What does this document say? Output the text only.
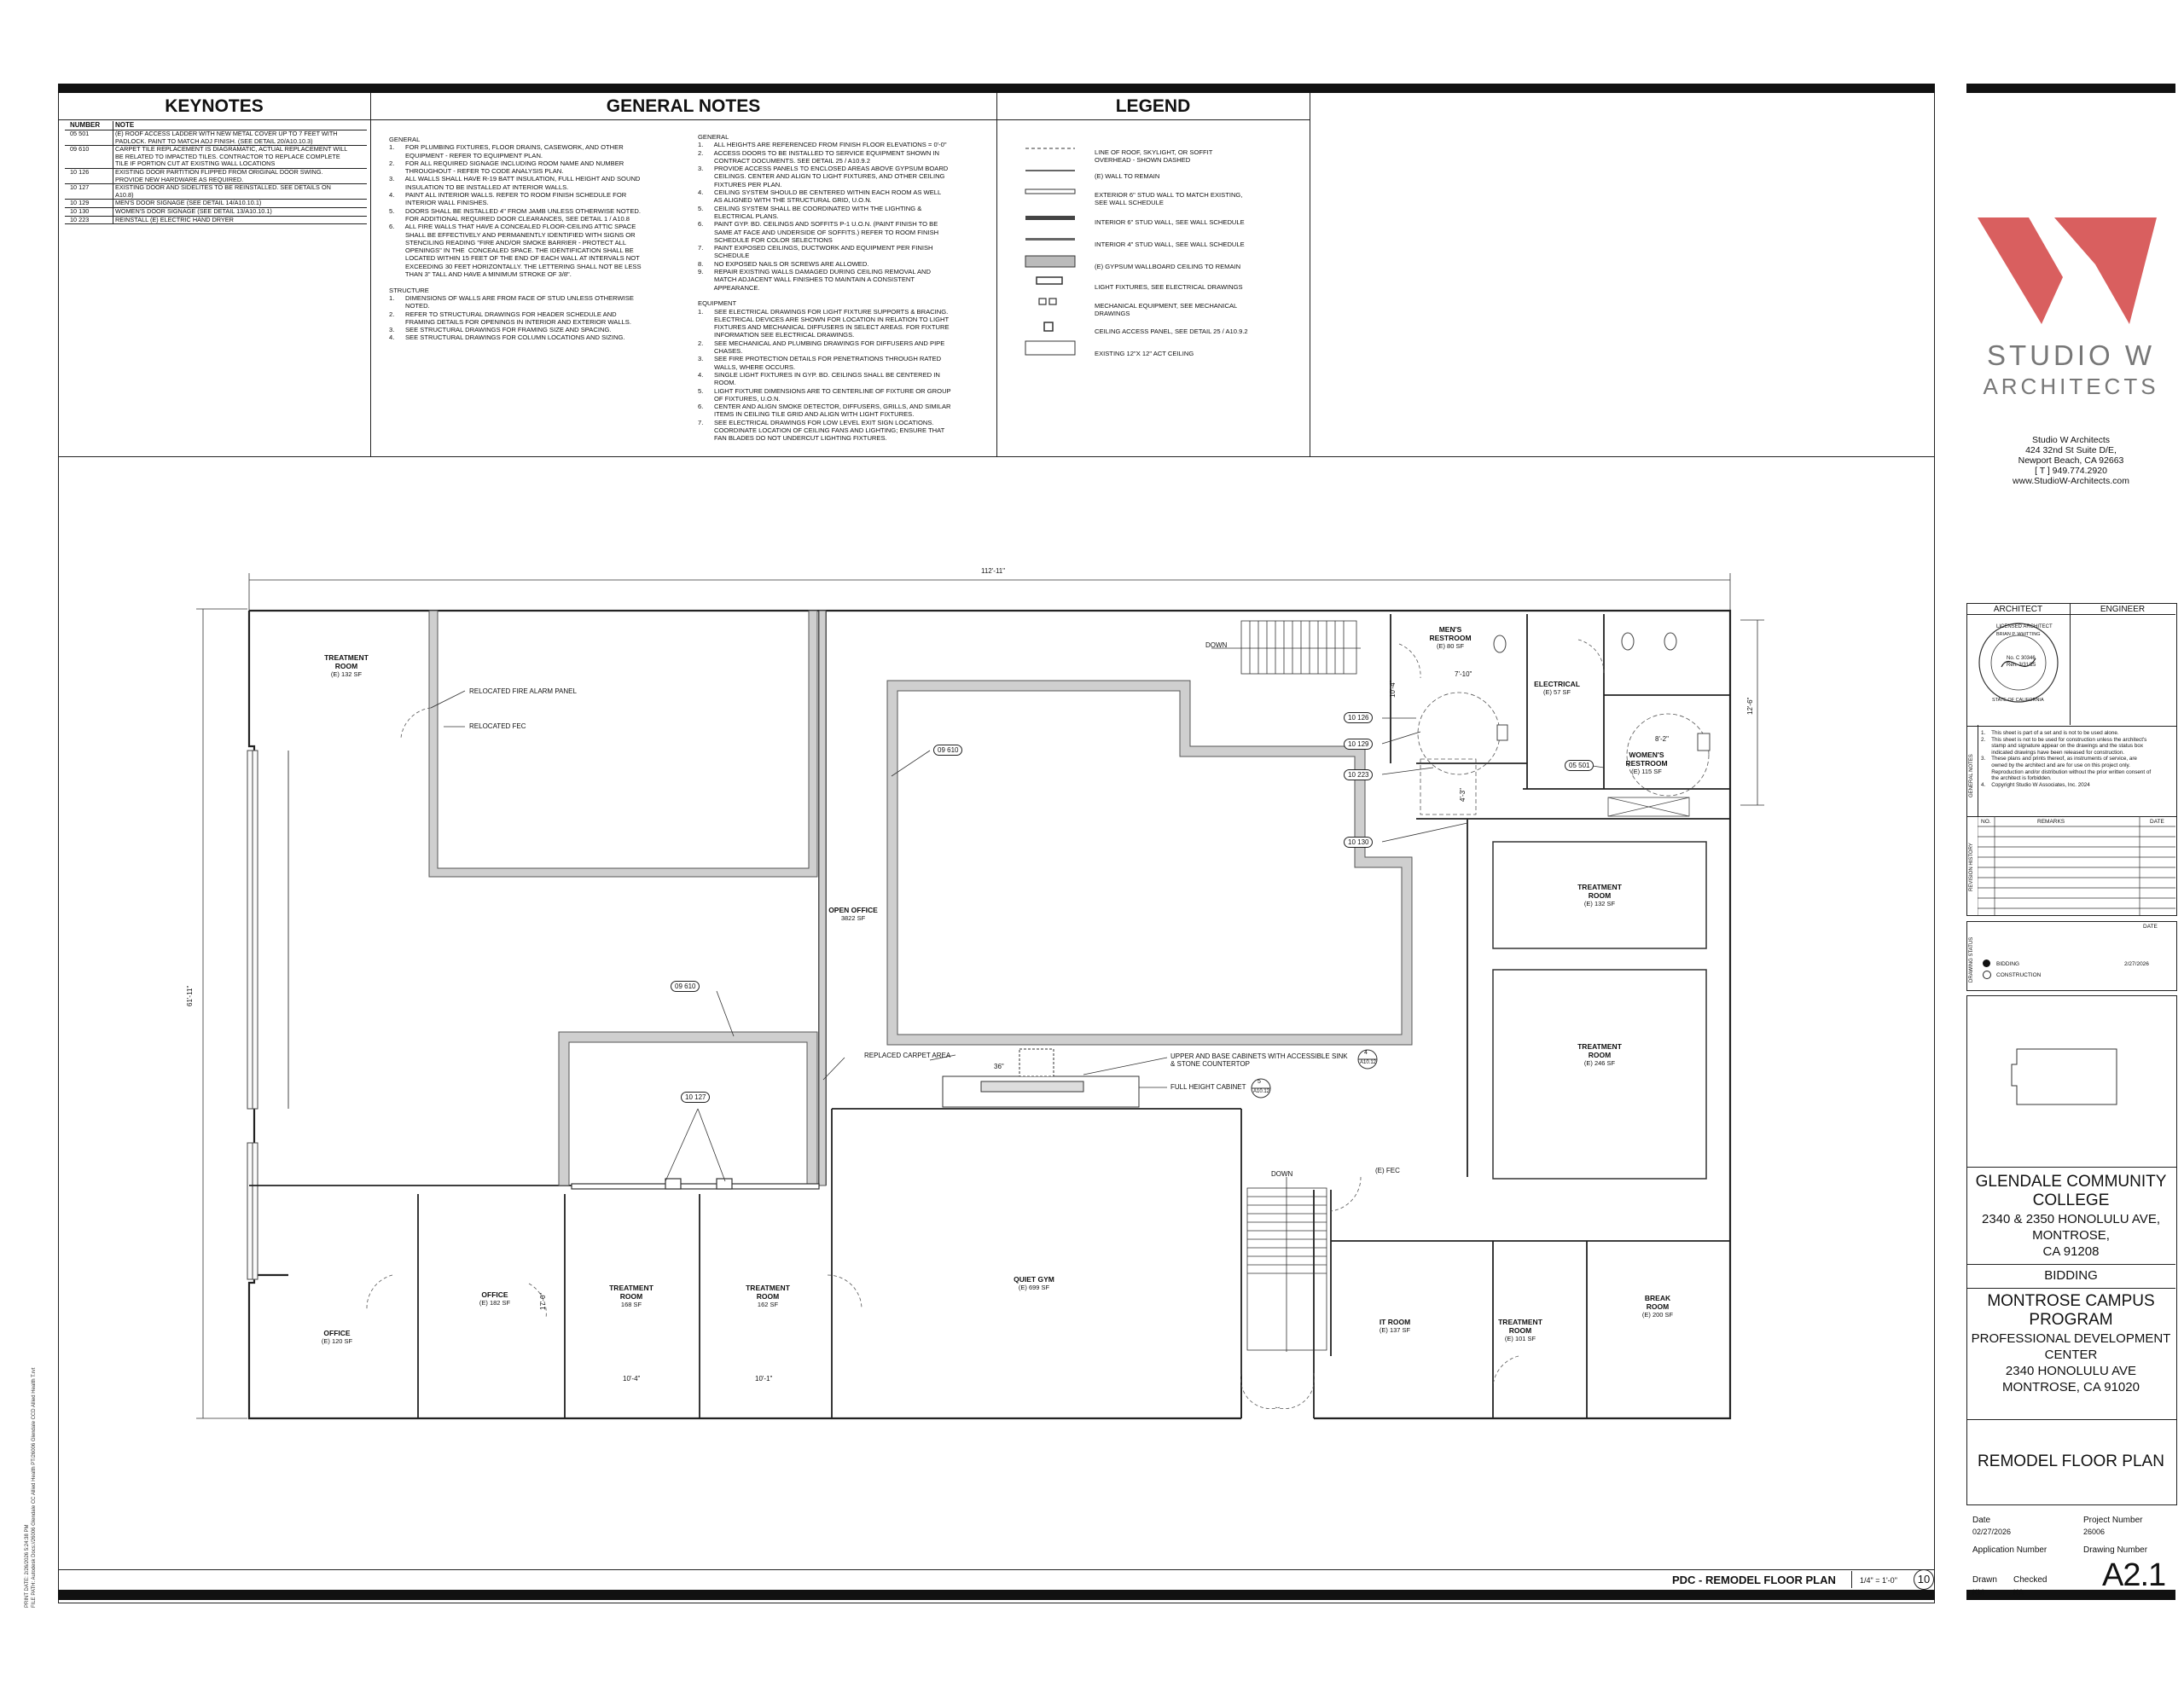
KEYNOTES
NUMBER	NOTE
05 501	(E) ROOF ACCESS LADDER WITH NEW METAL COVER UP TO 7 FEET WITH
PADLOCK. PAINT TO MATCH ADJ FINISH. (SEE DETAIL 20/A10.10.3)
09 610	CARPET TILE REPLACEMENT IS DIAGRAMATIC, ACTUAL REPLACEMENT WILL
BE RELATED TO IMPACTED TILES. CONTRACTOR TO REPLACE COMPLETE
TILE IF PORTION CUT AT EXISTING WALL LOCATIONS
10 126	EXISTING DOOR PARTITION FLIPPED FROM ORIGINAL DOOR SWING.
PROVIDE NEW HARDWARE AS REQUIRED.
10 127	EXISTING DOOR AND SIDELITES TO BE REINSTALLED. SEE DETAILS ON
A10.8)
10 129	MEN'S DOOR SIGNAGE (SEE DETAIL 14/A10.10.1)
10 130	WOMEN'S DOOR SIGNAGE (SEE DETAIL 13/A10.10.1)
10 223	REINSTALL (E) ELECTRIC HAND DRYER
GENERAL NOTES
GENERAL
1.      FOR PLUMBING FIXTURES, FLOOR DRAINS, CASEWORK, AND OTHER
EQUIPMENT - REFER TO EQUIPMENT PLAN.
2.      FOR ALL REQUIRED SIGNAGE INCLUDING ROOM NAME AND NUMBER
THROUGHOUT - REFER TO CODE ANALYSIS PLAN.
3.      ALL WALLS SHALL HAVE R-19 BATT INSULATION, FULL HEIGHT AND SOUND
INSULATION TO BE INSTALLED AT INTERIOR WALLS.
4.      PAINT ALL INTERIOR WALLS. REFER TO ROOM FINISH SCHEDULE FOR
INTERIOR WALL FINISHES.
5.      DOORS SHALL BE INSTALLED 4" FROM JAMB UNLESS OTHERWISE NOTED.
FOR ADDITIONAL REQUIRED DOOR CLEARANCES, SEE DETAIL 1 / A10.8
6.      ALL FIRE WALLS THAT HAVE A CONCEALED FLOOR-CEILING ATTIC SPACE
SHALL BE EFFECTIVELY AND PERMANENTLY IDENTIFIED WITH SIGNS OR
STENCILING READING "FIRE AND/OR SMOKE BARRIER - PROTECT ALL
OPENINGS" IN THE  CONCEALED SPACE. THE IDENTIFICATION SHALL BE
LOCATED WITHIN 15 FEET OF THE END OF EACH WALL AT INTERVALS NOT
EXCEEDING 30 FEET HORIZONTALLY. THE LETTERING SHALL NOT BE LESS
THAN 3" TALL AND HAVE A MINIMUM STROKE OF 3/8".

STRUCTURE
1.      DIMENSIONS OF WALLS ARE FROM FACE OF STUD UNLESS OTHERWISE
NOTED.
2.      REFER TO STRUCTURAL DRAWINGS FOR HEADER SCHEDULE AND
FRAMING DETAILS FOR OPENINGS IN INTERIOR AND EXTERIOR WALLS.
3.      SEE STRUCTURAL DRAWINGS FOR FRAMING SIZE AND SPACING.
4.      SEE STRUCTURAL DRAWINGS FOR COLUMN LOCATIONS AND SIZING.
GENERAL
1.      ALL HEIGHTS ARE REFERENCED FROM FINISH FLOOR ELEVATIONS = 0'-0"
2.      ACCESS DOORS TO BE INSTALLED TO SERVICE EQUIPMENT SHOWN IN
CONTRACT DOCUMENTS. SEE DETAIL 25 / A10.9.2
3.      PROVIDE ACCESS PANELS TO ENCLOSED AREAS ABOVE GYPSUM BOARD
CEILINGS. CENTER AND ALIGN TO LIGHT FIXTURES, AND OTHER CEILING
FIXTURES PER PLAN.
4.      CEILING SYSTEM SHOULD BE CENTERED WITHIN EACH ROOM AS WELL
AS ALIGNED WITH THE STRUCTURAL GRID, U.O.N.
5.      CEILING SYSTEM SHALL BE COORDINATED WITH THE LIGHTING &
ELECTRICAL PLANS.
6.      PAINT GYP. BD. CEILINGS AND SOFFITS P-1 U.O.N. (PAINT FINISH TO BE
SAME AT FACE AND UNDERSIDE OF SOFFITS.) REFER TO ROOM FINISH
SCHEDULE FOR COLOR SELECTIONS
7.      PAINT EXPOSED CEILINGS, DUCTWORK AND EQUIPMENT PER FINISH
SCHEDULE
8.      NO EXPOSED NAILS OR SCREWS ARE ALLOWED.
9.      REPAIR EXISTING WALLS DAMAGED DURING CEILING REMOVAL AND
MATCH ADJACENT WALL FINISHES TO MAINTAIN A CONSISTENT
APPEARANCE.

EQUIPMENT
1.      SEE ELECTRICAL DRAWINGS FOR LIGHT FIXTURE SUPPORTS & BRACING.
ELECTRICAL DEVICES ARE SHOWN FOR LOCATION IN RELATION TO LIGHT
FIXTURES AND MECHANICAL DIFFUSERS IN SELECT AREAS. FOR FIXTURE
INFORMATION SEE ELECTRICAL DRAWINGS.
2.      SEE MECHANICAL AND PLUMBING DRAWINGS FOR DIFFUSERS AND PIPE
CHASES.
3.      SEE FIRE PROTECTION DETAILS FOR PENETRATIONS THROUGH RATED
WALLS, WHERE OCCURS.
4.      SINGLE LIGHT FIXTURES IN GYP. BD. CEILINGS SHALL BE CENTERED IN
ROOM.
5.      LIGHT FIXTURE DIMENSIONS ARE TO CENTERLINE OF FIXTURE OR GROUP
OF FIXTURES, U.O.N.
6.      CENTER AND ALIGN SMOKE DETECTOR, DIFFUSERS, GRILLS, AND SIMILAR
ITEMS IN CEILING TILE GRID AND ALIGN WITH LIGHT FIXTURES.
7.      SEE ELECTRICAL DRAWINGS FOR LOW LEVEL EXIT SIGN LOCATIONS.
COORDINATE LOCATION OF CEILING FANS AND LIGHTING; ENSURE THAT
FAN BLADES DO NOT UNDERCUT LIGHTING FIXTURES.
LEGEND
LINE OF ROOF, SKYLIGHT, OR SOFFIT
OVERHEAD - SHOWN DASHED
(E) WALL TO REMAIN
EXTERIOR 6" STUD WALL TO MATCH EXISTING,
SEE WALL SCHEDULE
INTERIOR 6" STUD WALL, SEE WALL SCHEDULE
INTERIOR 4" STUD WALL, SEE WALL SCHEDULE
(E) GYPSUM WALLBOARD CEILING TO REMAIN
LIGHT FIXTURES, SEE ELECTRICAL DRAWINGS
MECHANICAL EQUIPMENT, SEE MECHANICAL
DRAWINGS
CEILING ACCESS PANEL, SEE DETAIL 25 / A10.9.2
EXISTING 12"X 12" ACT CEILING
112'-11"
61'-11"
12'-6"
10'-4"	10'-1"
17'-0"
10'-4"
7'-10"
8'-2"
4'-3"
36"
DOWN
DOWN	(E) FEC
RELOCATED FIRE ALARM PANEL
RELOCATED FEC
REPLACED CARPET AREA	UPPER AND BASE CABINETS WITH ACCESSIBLE SINK
& STONE COUNTERTOP
FULL HEIGHT CABINET
4
A10.12
5
A10.12
09 610
09 610
10 127
10 126
10 129
10 223
10 130
05 501
TREATMENT
ROOM
(E) 132 SF
OPEN OFFICE
3822 SF
MEN'S
RESTROOM
(E) 80 SF
ELECTRICAL
(E) 57 SF
WOMEN'S
RESTROOM
(E) 115 SF
TREATMENT
ROOM
(E) 132 SF
TREATMENT
ROOM
(E) 246 SF
OFFICE
(E) 120 SF
OFFICE
(E) 182 SF
TREATMENT
ROOM
168 SF
TREATMENT
ROOM
162 SF
QUIET GYM
(E) 699 SF
IT ROOM
(E) 137 SF
TREATMENT
ROOM
(E) 101 SF
BREAK
ROOM
(E) 200 SF
PDC - REMODEL FLOOR PLAN	1/4" = 1'-0"	10
PRINT DATE: 2/26/2026 5:24:38 PM FILE PATH: Autodesk Docs://26006 Glendale CC Allied Health PT/26006 Glendale CCD Allied Health T.rvt
STUDIO W
ARCHITECTS
Studio W Architects
424 32nd St Suite D/E,
Newport Beach, CA 92663
[ T ] 949.774.2920
www.StudioW-Architects.com
ARCHITECT	ENGINEER
LICENSED ARCHITECT
BRIAN P. WHITTING
No. C 30346
Ren. 3/31/25
STATE OF CALIFORNIA
GENERAL NOTES
1.    This sheet is part of a set and is not to be used alone.
2.    This sheet is not to be used for construction unless the architect's
stamp and signature appear on the drawings and the status box
indicated drawings have been released for construction.
3.    These plans and prints thereof, as instruments of service, are
owned by the architect and are for use on this project only.
Reproduction and/or distribution without the prior written consent of
the architect is forbidden.
4.    Copyright Studio W Associates, Inc. 2024
REVISION HISTORY
NO.	REMARKS	DATE
DRAWING STATUS
DATE
BIDDING	2/27/2026
CONSTRUCTION
GLENDALE COMMUNITY
COLLEGE
2340 & 2350 HONOLULU AVE,
MONTROSE,
CA 91208
BIDDING
MONTROSE CAMPUS
PROGRAM
PROFESSIONAL DEVELOPMENT
CENTER
2340 HONOLULU AVE
MONTROSE, CA 91020
REMODEL FLOOR PLAN
Date
02/27/2026
Project Number
26006
Application Number	Drawing Number
Drawn
KM
Checked
KA A2.1
